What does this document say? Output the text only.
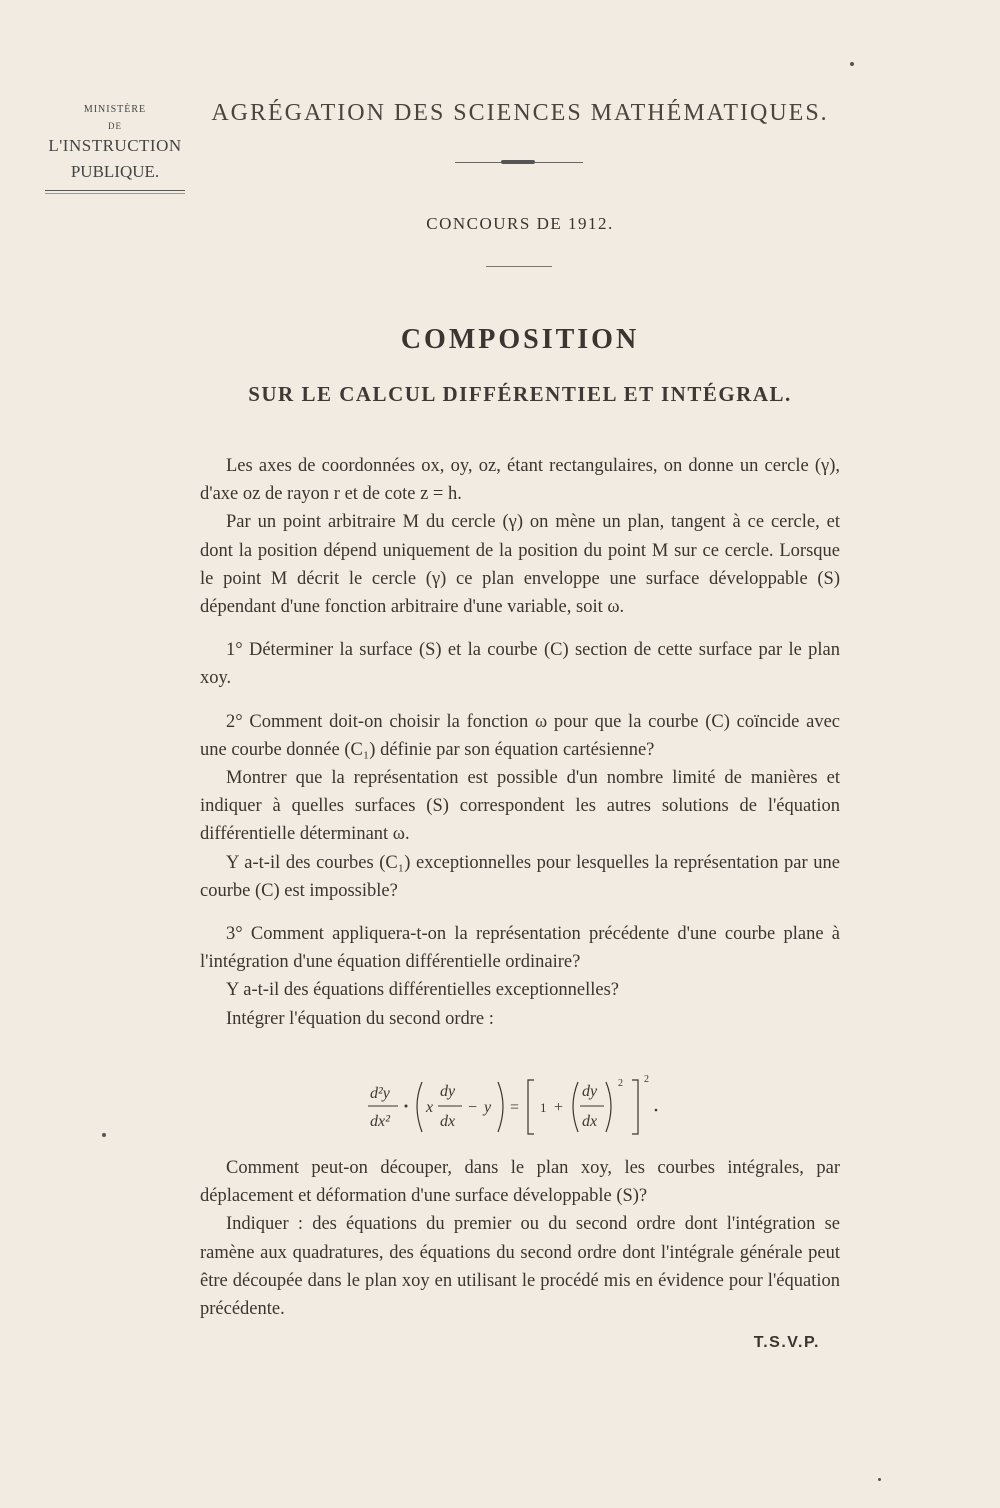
MINISTÈRE
DE
L'INSTRUCTION
PUBLIQUE.
AGRÉGATION DES SCIENCES MATHÉMATIQUES.
CONCOURS DE 1912.
COMPOSITION
SUR LE CALCUL DIFFÉRENTIEL ET INTÉGRAL.

Les axes de coordonnées ox, oy, oz, étant rectangulaires, on donne un cercle (γ), d'axe oz de rayon r et de cote z = h.

Par un point arbitraire M du cercle (γ) on mène un plan, tangent à ce cercle, et dont la position dépend uniquement de la position du point M sur ce cercle. Lorsque le point M décrit le cercle (γ) ce plan enveloppe une surface développable (S) dépendant d'une fonction arbitraire d'une variable, soit ω.

1° Déterminer la surface (S) et la courbe (C) section de cette surface par le plan xoy.

2° Comment doit-on choisir la fonction ω pour que la courbe (C) coïncide avec une courbe donnée (C₁) définie par son équation cartésienne?

Montrer que la représentation est possible d'un nombre limité de manières et indiquer à quelles surfaces (S) correspondent les autres solutions de l'équation différentielle déterminant ω.

Y a-t-il des courbes (C₁) exceptionnelles pour lesquelles la représentation par une courbe (C) est impossible?

3° Comment appliquera-t-on la représentation précédente d'une courbe plane à l'intégration d'une équation différentielle ordinaire?

Y a-t-il des équations différentielles exceptionnelles?

Intégrer l'équation du second ordre :

d²y
dx²
x
dy
dx
− y = 1 +
dy
dx
2 2

Comment peut-on découper, dans le plan xoy, les courbes intégrales, par déplacement et déformation d'une surface développable (S)?

Indiquer : des équations du premier ou du second ordre dont l'intégration se ramène aux quadratures, des équations du second ordre dont l'intégrale générale peut être découpée dans le plan xoy en utilisant le procédé mis en évidence pour l'équation précédente.

T.S.V.P.
